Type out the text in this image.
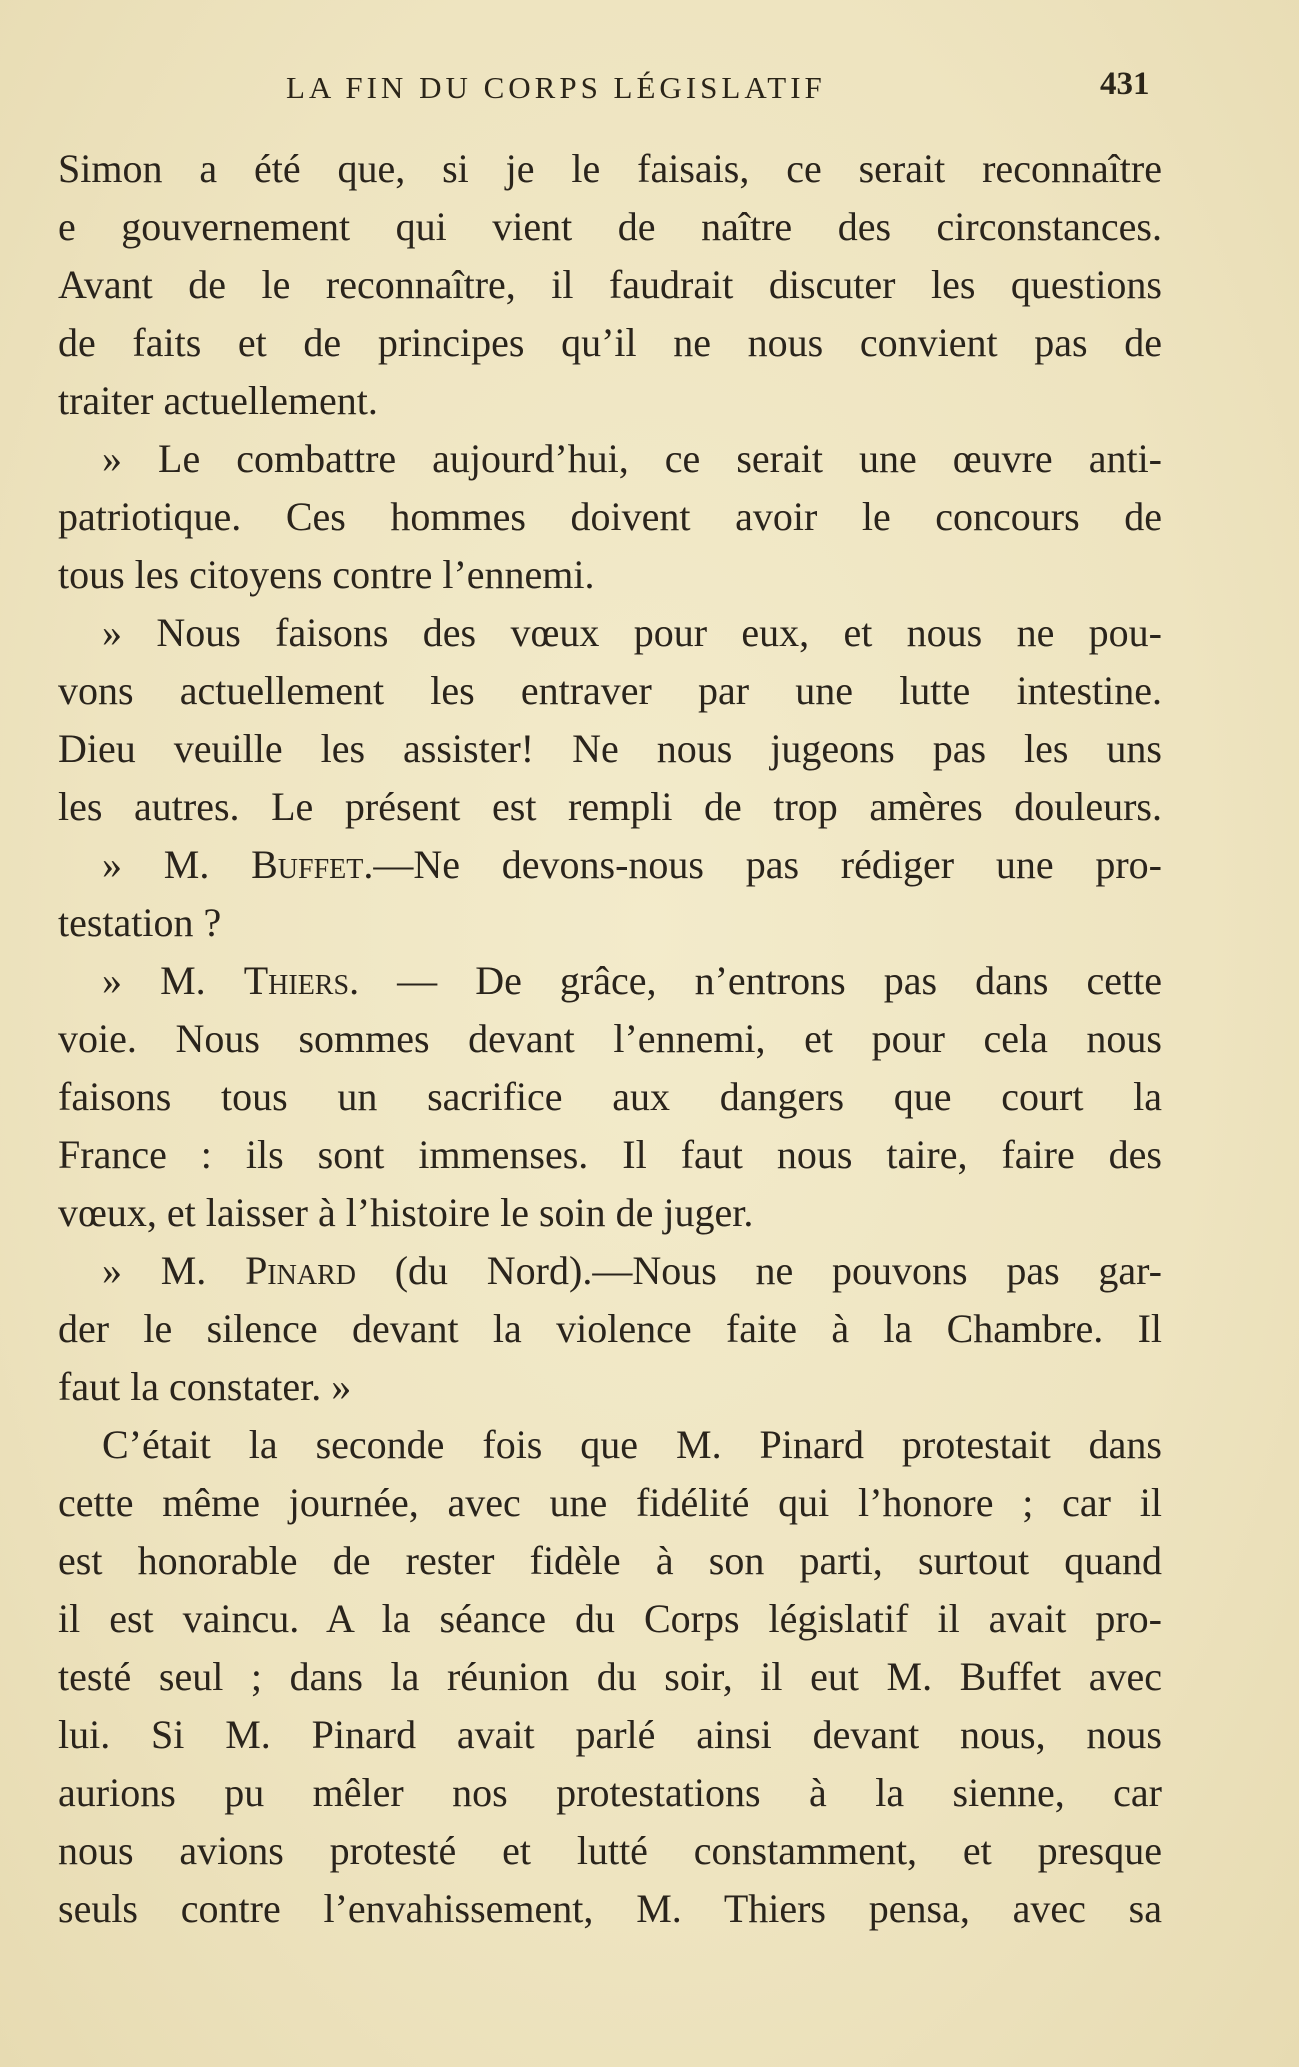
LA FIN DU CORPS LÉGISLATIF	431
Simon a été que, si je le faisais, ce serait reconnaître
e gouvernement qui vient de naître des circonstances.
Avant de le reconnaître, il faudrait discuter les questions
de faits et de principes qu’il ne nous convient pas de
traiter actuellement.
» Le combattre aujourd’hui, ce serait une œuvre anti-
patriotique. Ces hommes doivent avoir le concours de
tous les citoyens contre l’ennemi.
» Nous faisons des vœux pour eux, et nous ne pou-
vons actuellement les entraver par une lutte intestine.
Dieu veuille les assister! Ne nous jugeons pas les uns
les autres. Le présent est rempli de trop amères douleurs.
» M. Buffet.—Ne devons-nous pas rédiger une pro-
testation ?
» M. Thiers. — De grâce, n’entrons pas dans cette
voie. Nous sommes devant l’ennemi, et pour cela nous
faisons tous un sacrifice aux dangers que court la
France : ils sont immenses. Il faut nous taire, faire des
vœux, et laisser à l’histoire le soin de juger.
» M. Pinard (du Nord).—Nous ne pouvons pas gar-
der le silence devant la violence faite à la Chambre. Il
faut la constater. »
C’était la seconde fois que M. Pinard protestait dans
cette même journée, avec une fidélité qui l’honore ; car il
est honorable de rester fidèle à son parti, surtout quand
il est vaincu. A la séance du Corps législatif il avait pro-
testé seul ; dans la réunion du soir, il eut M. Buffet avec
lui. Si M. Pinard avait parlé ainsi devant nous, nous
aurions pu mêler nos protestations à la sienne, car
nous avions protesté et lutté constamment, et presque
seuls contre l’envahissement, M. Thiers pensa, avec sa
